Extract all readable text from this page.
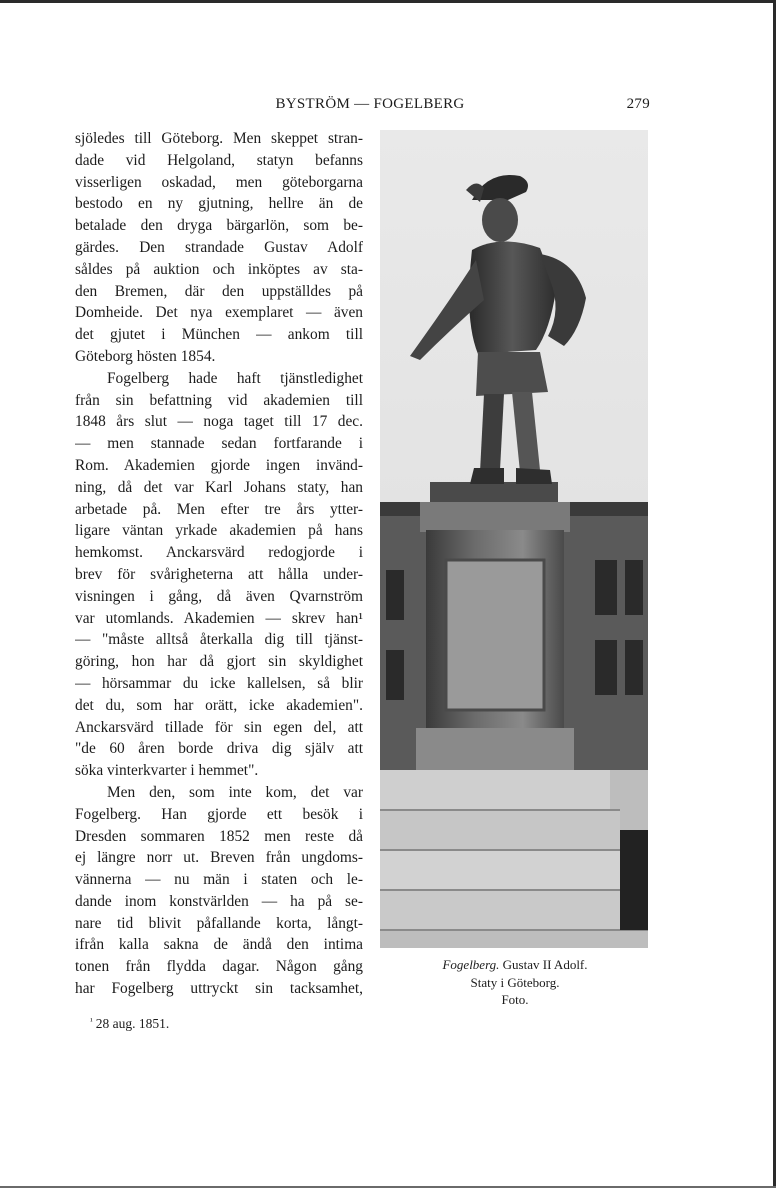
BYSTRÖM — FOGELBERG	279
sjöledes till Göteborg. Men skeppet stran-
dade vid Helgoland, statyn befanns
visserligen oskadad, men göteborgarna
bestodo en ny gjutning, hellre än de
betalade den dryga bärgarlön, som be-
gärdes. Den strandade Gustav Adolf
såldes på auktion och inköptes av sta-
den Bremen, där den uppställdes på
Domheide. Det nya exemplaret — även
det gjutet i München — ankom till
Göteborg hösten 1854.
Fogelberg hade haft tjänstledighet
från sin befattning vid akademien till
1848 års slut — noga taget till 17 dec.
— men stannade sedan fortfarande i
Rom. Akademien gjorde ingen invänd-
ning, då det var Karl Johans staty, han
arbetade på. Men efter tre års ytter-
ligare väntan yrkade akademien på hans
hemkomst. Anckarsvärd redogjorde i
brev för svårigheterna att hålla under-
visningen i gång, då även Qvarnström
var utomlands. Akademien — skrev han¹
— "måste alltså återkalla dig till tjänst-
göring, hon har då gjort sin skyldighet
— hörsammar du icke kallelsen, så blir
det du, som har orätt, icke akademien".
Anckarsvärd tillade för sin egen del, att
"de 60 åren borde driva dig själv att
söka vinterkvarter i hemmet".
Men den, som inte kom, det var
Fogelberg. Han gjorde ett besök i
Dresden sommaren 1852 men reste då
ej längre norr ut. Breven från ungdoms-
vännerna — nu män i staten och le-
dande inom konstvärlden — ha på se-
nare tid blivit påfallande korta, långt-
ifrån kalla sakna de ändå den intima
tonen från flydda dagar. Någon gång
har Fogelberg uttryckt sin tacksamhet,
$^{^1}$ 28 aug. 1851.
Fogelberg. Gustav II Adolf.
Staty i Göteborg.
Foto.
